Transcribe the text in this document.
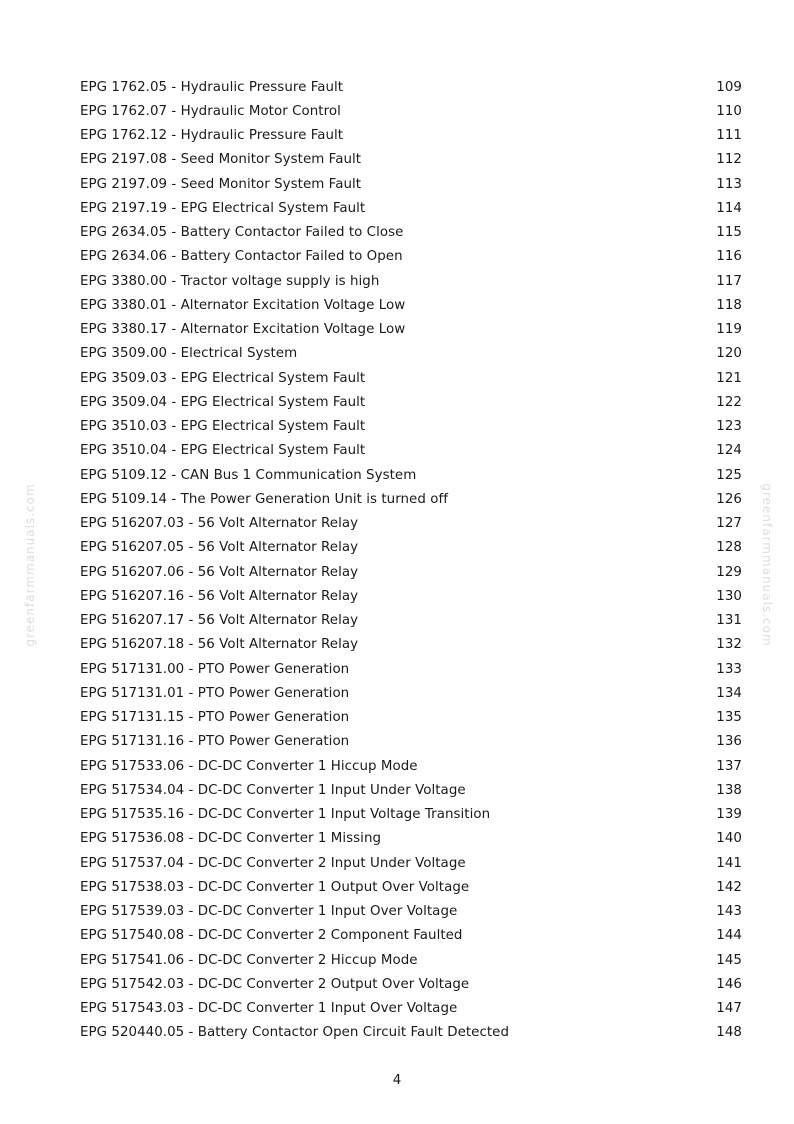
greenfarmmanuals.com	greenfarmmanuals.com
EPG 1762.05 - Hydraulic Pressure Fault	109
EPG 1762.07 - Hydraulic Motor Control	110
EPG 1762.12 - Hydraulic Pressure Fault	111
EPG 2197.08 - Seed Monitor System Fault	112
EPG 2197.09 - Seed Monitor System Fault	113
EPG 2197.19 - EPG Electrical System Fault	114
EPG 2634.05 - Battery Contactor Failed to Close	115
EPG 2634.06 - Battery Contactor Failed to Open	116
EPG 3380.00 - Tractor voltage supply is high	117
EPG 3380.01 - Alternator Excitation Voltage Low	118
EPG 3380.17 - Alternator Excitation Voltage Low	119
EPG 3509.00 - Electrical System	120
EPG 3509.03 - EPG Electrical System Fault	121
EPG 3509.04 - EPG Electrical System Fault	122
EPG 3510.03 - EPG Electrical System Fault	123
EPG 3510.04 - EPG Electrical System Fault	124
EPG 5109.12 - CAN Bus 1 Communication System	125
EPG 5109.14 - The Power Generation Unit is turned off	126
EPG 516207.03 - 56 Volt Alternator Relay	127
EPG 516207.05 - 56 Volt Alternator Relay	128
EPG 516207.06 - 56 Volt Alternator Relay	129
EPG 516207.16 - 56 Volt Alternator Relay	130
EPG 516207.17 - 56 Volt Alternator Relay	131
EPG 516207.18 - 56 Volt Alternator Relay	132
EPG 517131.00 - PTO Power Generation	133
EPG 517131.01 - PTO Power Generation	134
EPG 517131.15 - PTO Power Generation	135
EPG 517131.16 - PTO Power Generation	136
EPG 517533.06 - DC-DC Converter 1 Hiccup Mode	137
EPG 517534.04 - DC-DC Converter 1 Input Under Voltage	138
EPG 517535.16 - DC-DC Converter 1 Input Voltage Transition	139
EPG 517536.08 - DC-DC Converter 1 Missing	140
EPG 517537.04 - DC-DC Converter 2 Input Under Voltage	141
EPG 517538.03 - DC-DC Converter 1 Output Over Voltage	142
EPG 517539.03 - DC-DC Converter 1 Input Over Voltage	143
EPG 517540.08 - DC-DC Converter 2 Component Faulted	144
EPG 517541.06 - DC-DC Converter 2 Hiccup Mode	145
EPG 517542.03 - DC-DC Converter 2 Output Over Voltage	146
EPG 517543.03 - DC-DC Converter 1 Input Over Voltage	147
EPG 520440.05 - Battery Contactor Open Circuit Fault Detected	148
4
